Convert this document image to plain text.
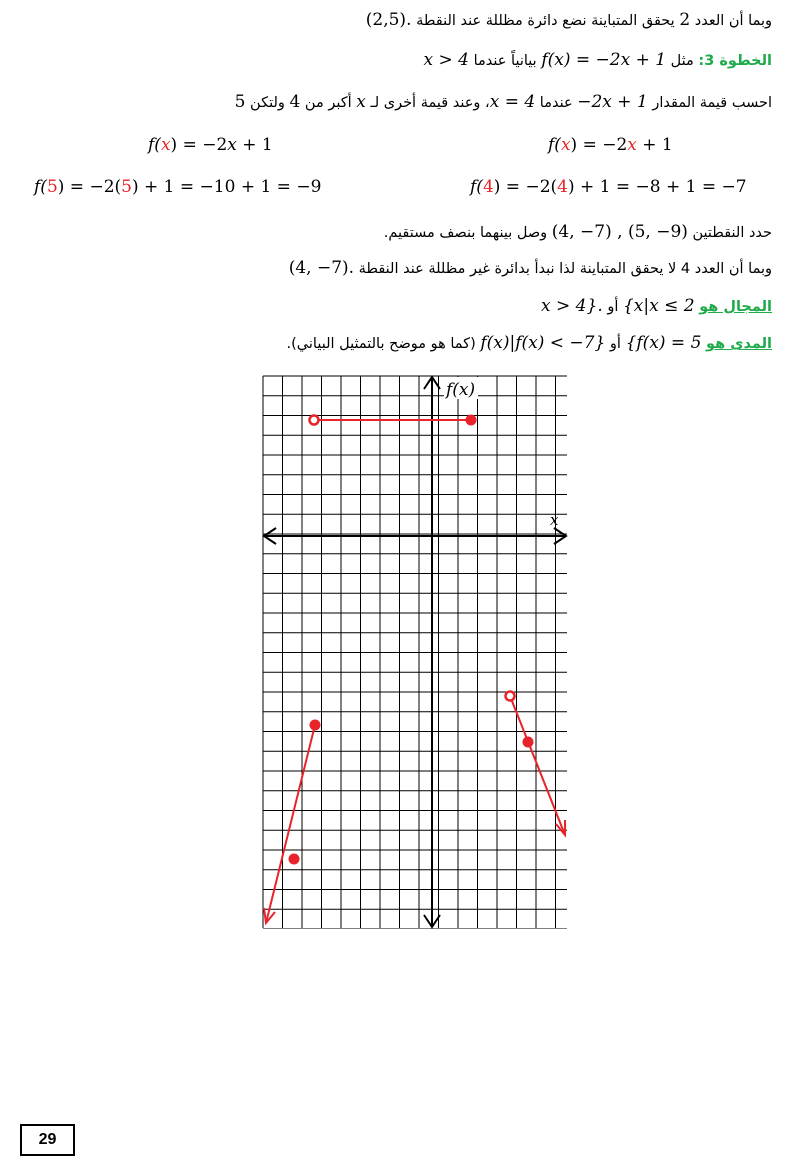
وبما أن العدد 2 يحقق المتباينة نضع دائرة مظللة عند النقطة (2,5).
الخطوة 3: مثل f(x) = −2x + 1 بيانياً عندما x > 4
احسب قيمة المقدار −2x + 1 عندما x = 4، وعند قيمة أخرى لـ x أكبر من 4 ولتكن 5
f(x) = −2x + 1
f(x) = −2x + 1
f(4) = −2(4) + 1 = −8 + 1 = −7
f(5) = −2(5) + 1 = −10 + 1 = −9
حدد النقطتين (4, −7) , (5, −9) وصل بينهما بنصف مستقيم.
وبما أن العدد 4 لا يحقق المتباينة لذا نبدأ بدائرة غير مظللة عند النقطة (4, −7).
المجال هو {x|x ≤ 2 أو x > 4}.
المدى هو {f(x) = 5 أو f(x)|f(x) < −7} (كما هو موضح بالتمثيل البياني).
f(x)
x
29
